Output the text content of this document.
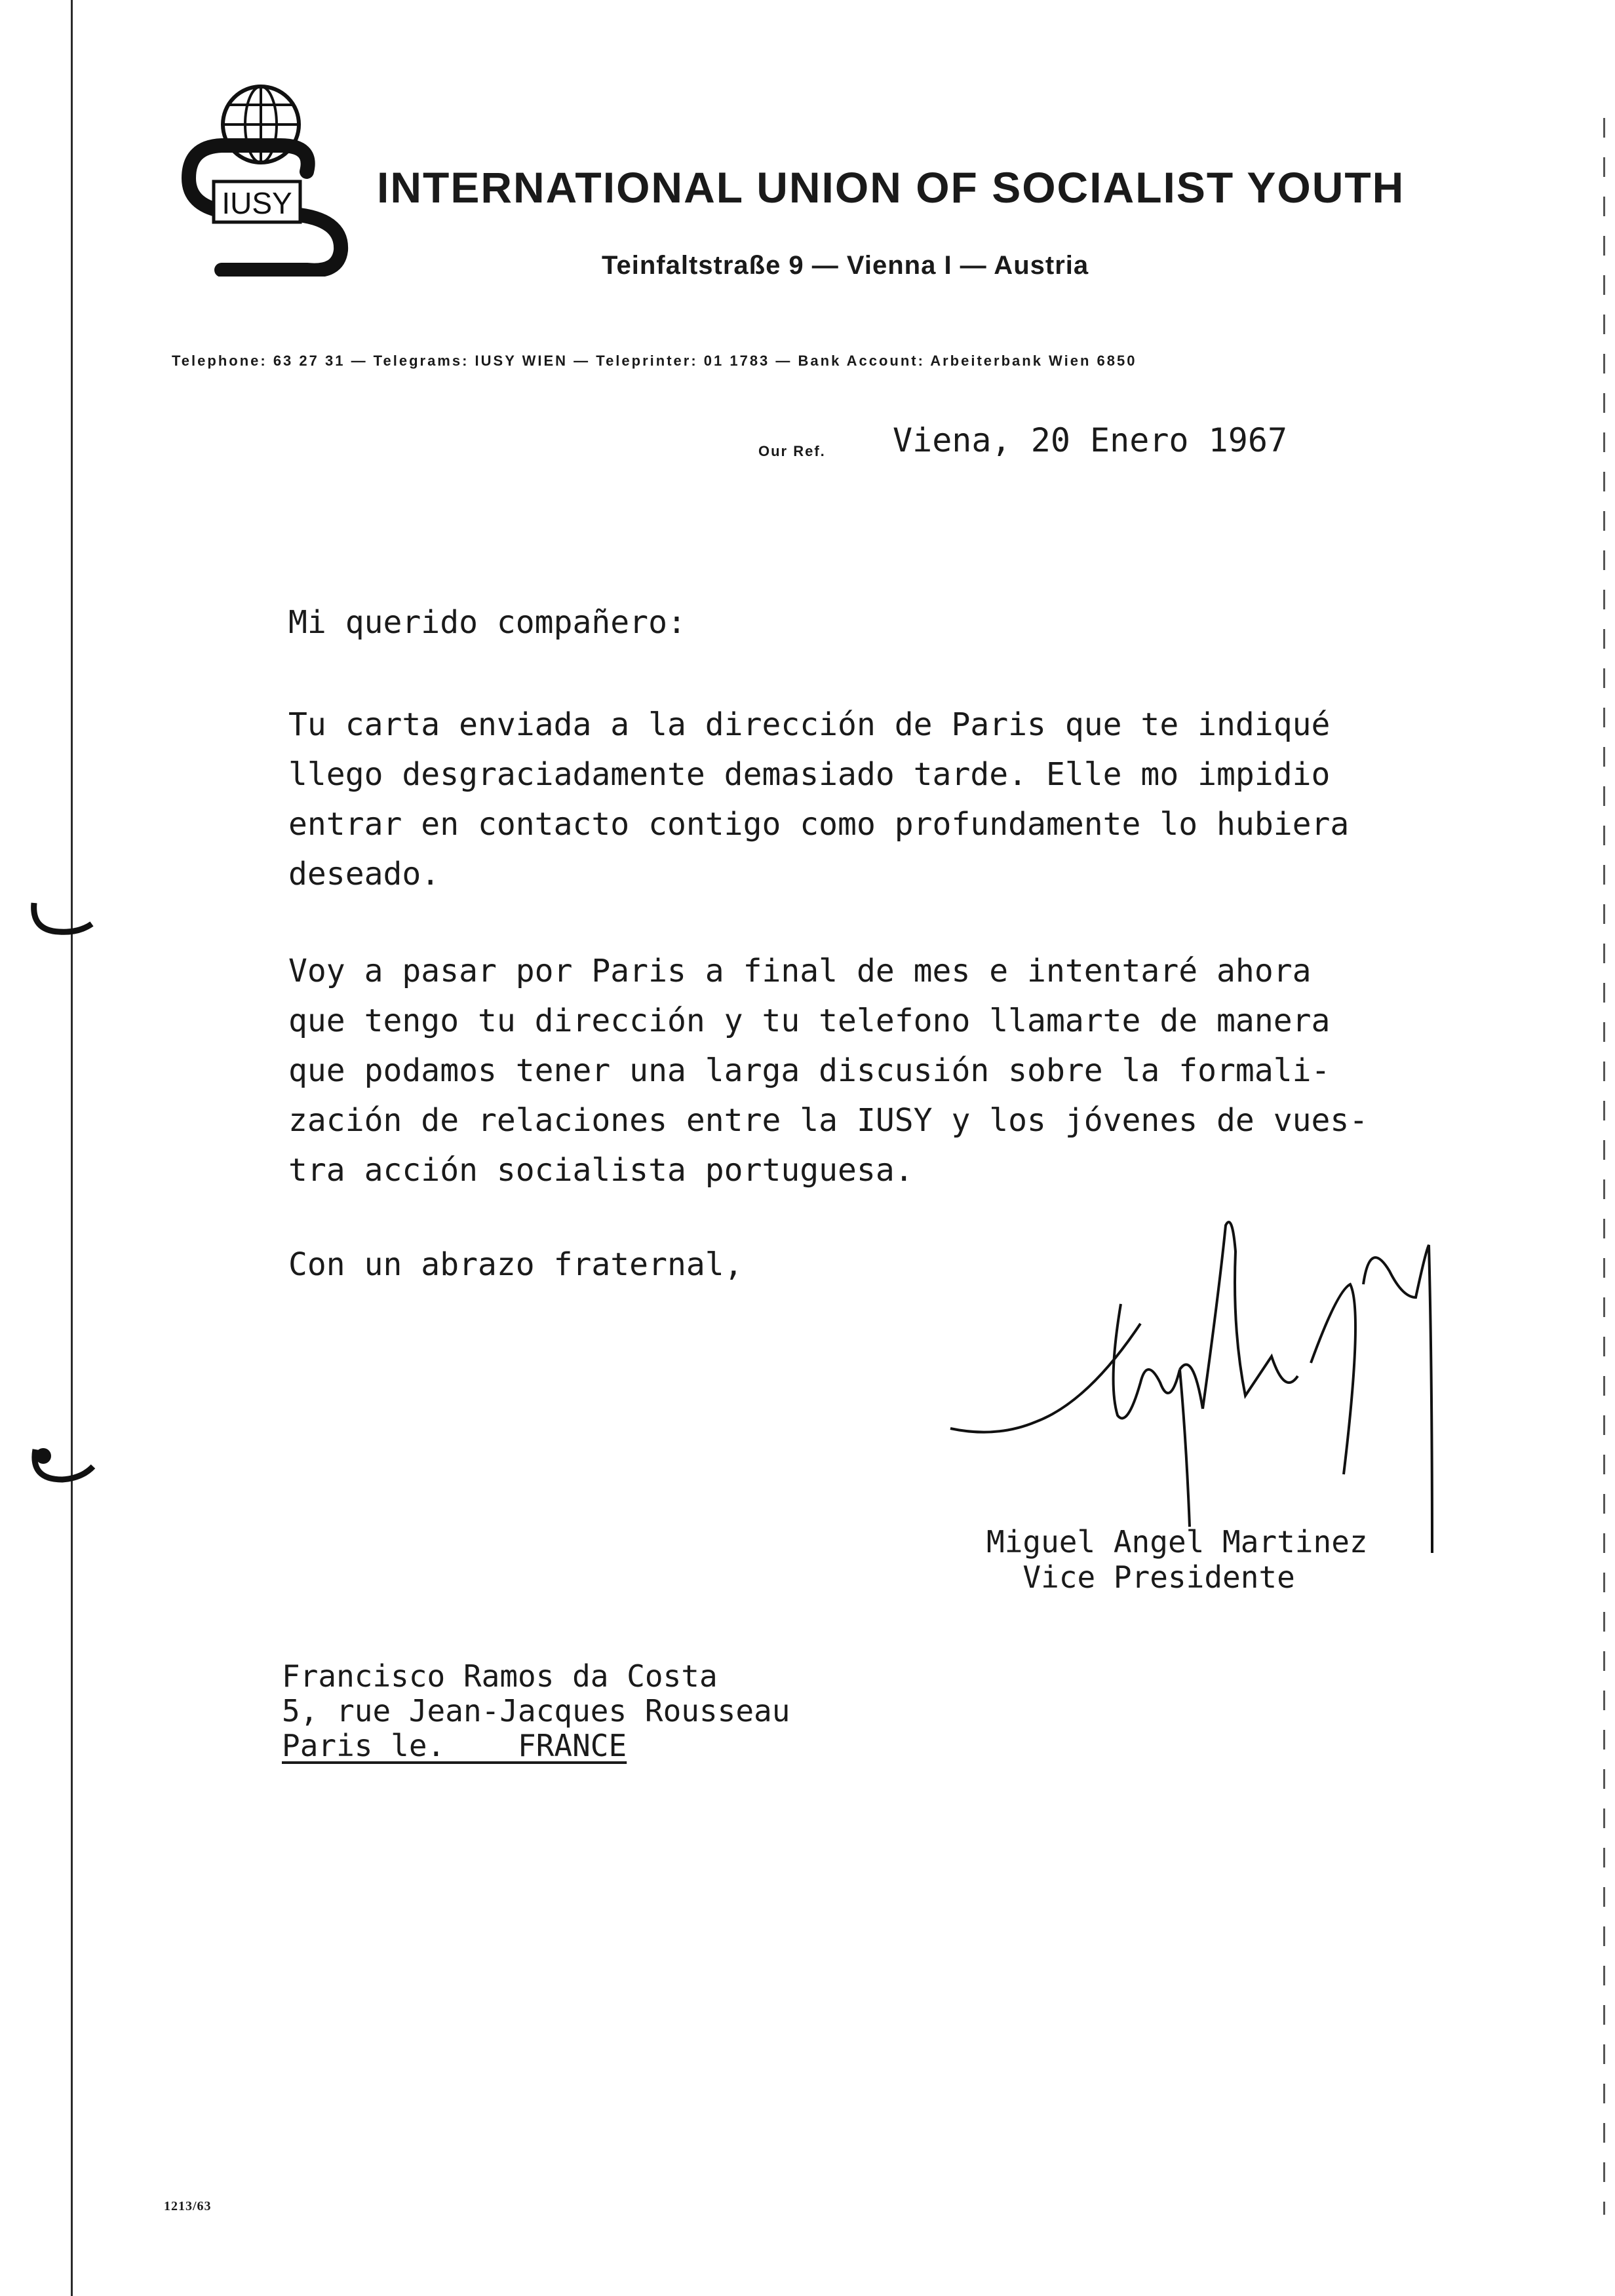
IUSY INTERNATIONAL UNION OF SOCIALIST YOUTH
Teinfaltstraße 9 — Vienna I — Austria
Telephone: 63 27 31 — Telegrams: IUSY WIEN — Teleprinter: 01 1783 — Bank Account: Arbeiterbank Wien 6850
Our Ref. Viena, 20 Enero 1967
Mi querido compañero:
Tu carta enviada a la dirección de Paris que te indiqué
llego desgraciadamente demasiado tarde. Elle mo impidio
entrar en contacto contigo como profundamente lo hubiera
deseado.
Voy a pasar por Paris a final de mes e intentaré ahora
que tengo tu dirección y tu telefono llamarte de manera
que podamos tener una larga discusión sobre la formali-
zación de relaciones entre la IUSY y los jóvenes de vues-
tra acción socialista portuguesa.
Con un abrazo fraternal,
Miguel Angel Martinez
Vice Presidente
Francisco Ramos da Costa
5, rue Jean-Jacques Rousseau
Paris le.    FRANCE
1213/63
